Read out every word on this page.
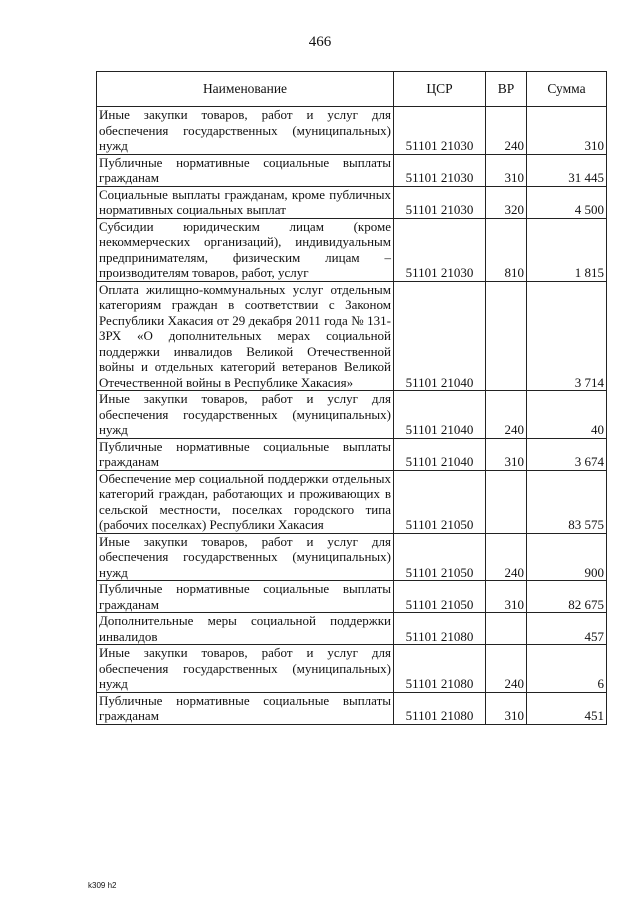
466
Наименование	ЦСР	ВР	Сумма
Иные закупки товаров, работ и услуг для обеспечения государственных (муниципальных) нужд	51101 21030	240	310
Публичные нормативные социальные выплаты гражданам	51101 21030	310	31 445
Социальные выплаты гражданам, кроме публичных нормативных социальных выплат	51101 21030	320	4 500
Субсидии юридическим лицам (кроме некоммерческих организаций), индивидуальным предпринимателям, физическим лицам – производителям товаров, работ, услуг	51101 21030	810	1 815
Оплата жилищно-коммунальных услуг отдельным категориям граждан в соответствии с Законом Республики Хакасия от 29 декабря 2011 года № 131-ЗРХ «О дополнительных мерах социальной поддержки инвалидов Великой Отечественной войны и отдельных категорий ветеранов Великой Отечественной войны в Республике Хакасия»	51101 21040		3 714
Иные закупки товаров, работ и услуг для обеспечения государственных (муниципальных) нужд	51101 21040	240	40
Публичные нормативные социальные выплаты гражданам	51101 21040	310	3 674
Обеспечение мер социальной поддержки отдельных категорий граждан, работающих и проживающих в сельской местности, поселках городского типа (рабочих поселках) Республики Хакасия	51101 21050		83 575
Иные закупки товаров, работ и услуг для обеспечения государственных (муниципальных) нужд	51101 21050	240	900
Публичные нормативные социальные выплаты гражданам	51101 21050	310	82 675
Дополнительные меры социальной поддержки инвалидов	51101 21080		457
Иные закупки товаров, работ и услуг для обеспечения государственных (муниципальных) нужд	51101 21080	240	6
Публичные нормативные социальные выплаты гражданам	51101 21080	310	451
k309 h2
